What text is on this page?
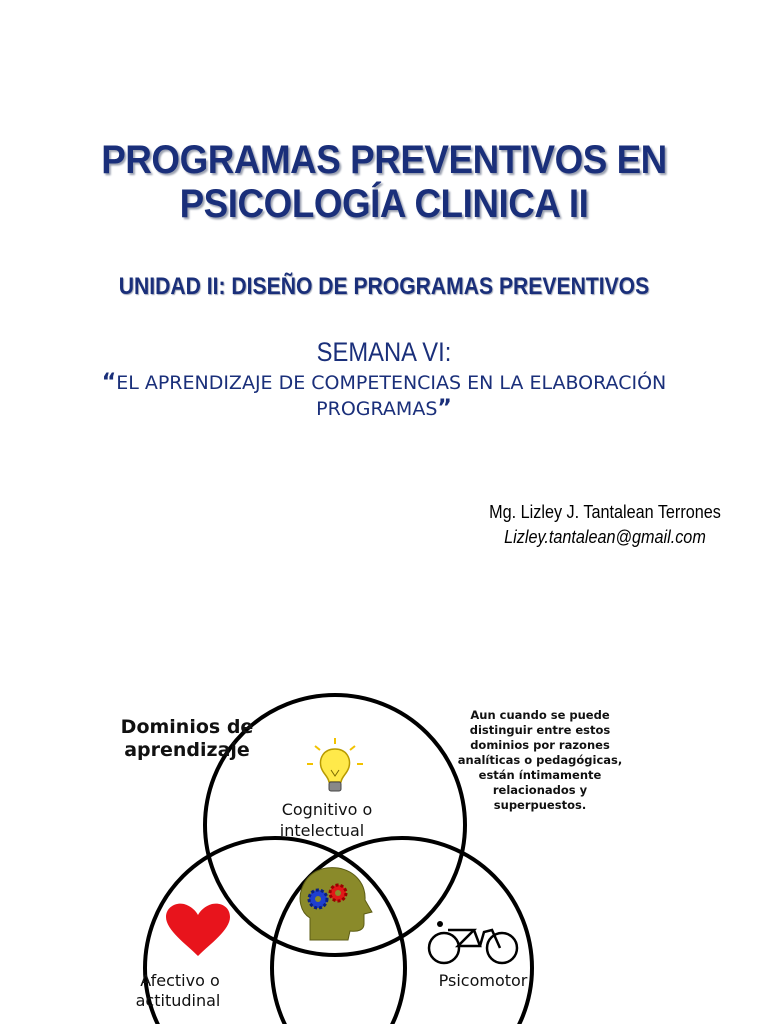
PROGRAMAS PREVENTIVOS EN
PSICOLOGÍA CLINICA II
UNIDAD II: DISEÑO DE PROGRAMAS PREVENTIVOS
SEMANA VI:
“EL APRENDIZAJE DE COMPETENCIAS EN LA ELABORACIÓN PROGRAMAS”
Mg. Lizley J. Tantalean Terrones
Lizley.tantalean@gmail.com
Dominios de
aprendizaje
Aun cuando se puede
distinguir entre estos
dominios por razones
analíticas o pedagógicas,
están íntimamente
relacionados y
superpuestos.
Cognitivo o
intelectual
Afectivo o
actitudinal
Psicomotor
